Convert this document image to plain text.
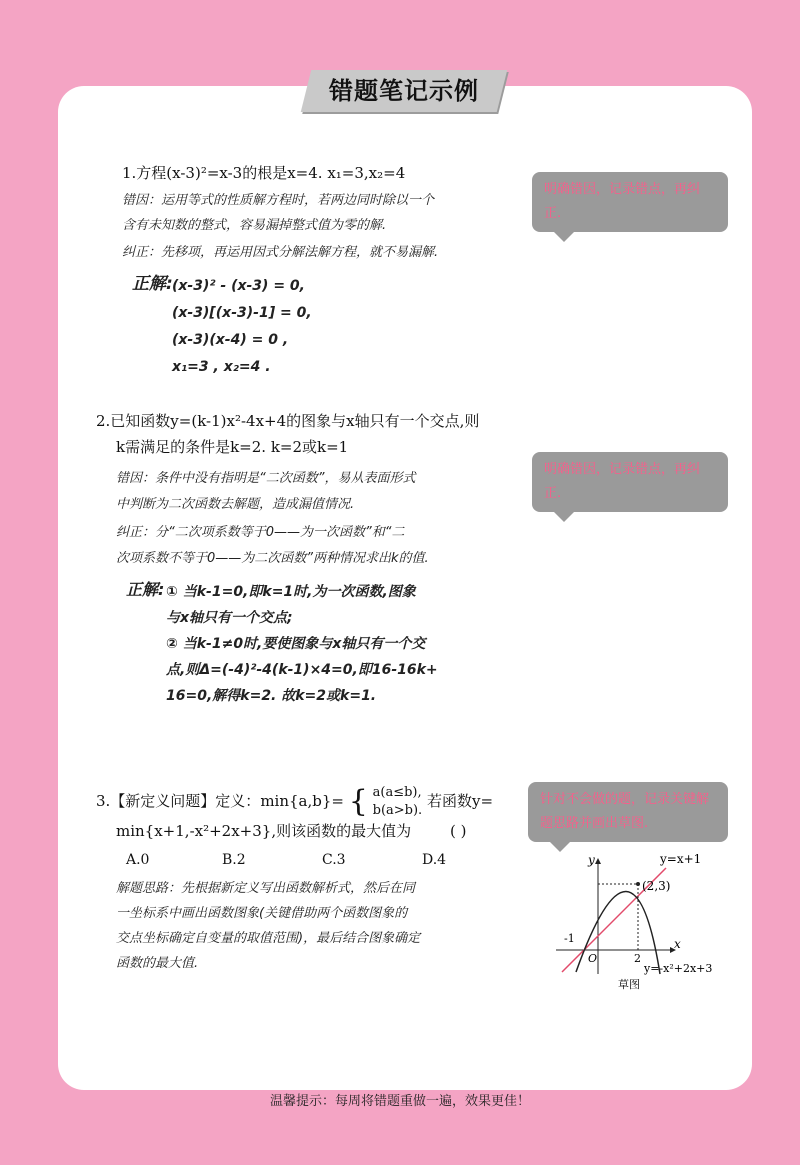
错题笔记示例
1.方程(x-3)²=x-3的根是x=4. x₁=3,x₂=4
错因：运用等式的性质解方程时，若两边同时除以一个
含有未知数的整式，容易漏掉整式值为零的解.
纠正：先移项，再运用因式分解法解方程，就不易漏解.
正解: (x-3)² - (x-3) = 0,
(x-3)[(x-3)-1] = 0,
(x-3)(x-4) = 0 ,
x₁=3 , x₂=4 .
明确错因，记录错点，再纠正.
2.已知函数y=(k-1)x²-4x+4的图象与x轴只有一个交点,则
k需满足的条件是k=2. k=2或k=1
错因：条件中没有指明是“二次函数”，易从表面形式
中判断为二次函数去解题，造成漏值情况.
纠正：分“二次项系数等于0——为一次函数”和“二
次项系数不等于0——为二次函数”两种情况求出k的值.
正解: ① 当k-1=0,即k=1时,为一次函数,图象
与x轴只有一个交点;
② 当k-1≠0时,要使图象与x轴只有一个交
点,则Δ=(-4)²-4(k-1)×4=0,即16-16k+
16=0,解得k=2. 故k=2或k=1.
明确错因，记录错点，再纠正.
3.【新定义问题】定义：min{a,b}= { a(a≤b),
b(a>b). 若函数y=
min{x+1,-x²+2x+3},则该函数的最大值为	( )
A.0	B.2	C.3	D.4
解题思路：先根据新定义写出函数解析式，然后在同
一坐标系中画出函数图象(关键借助两个函数图象的
交点坐标确定自变量的取值范围)，最后结合图象确定
函数的最大值.
针对不会做的题，记录关键解题思路并画出草图.
y
x
O
y=x+1
(2,3)
-1
2
y=-x²+2x+3
草图
温馨提示：每周将错题重做一遍，效果更佳！
